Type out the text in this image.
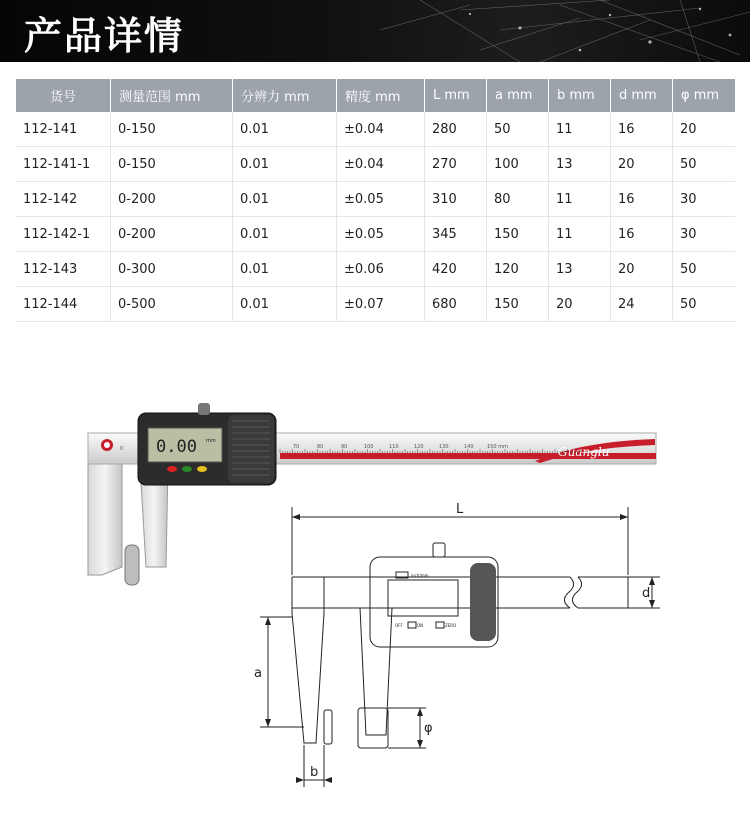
产品详情
货号	测量范围 mm	分辨力 mm	精度 mm	L mm	a mm	b mm	d mm	φ mm
112-141	0-150	0.01	±0.04	280	50	11	16	20
112-141-1	0-150	0.01	±0.04	270	100	13	20	50
112-142	0-200	0.01	±0.05	310	80	11	16	30
112-142-1	0-200	0.01	±0.05	345	150	11	16	30
112-143	0-300	0.01	±0.06	420	120	13	20	50
112-144	0-500	0.01	±0.07	680	150	20	24	50
Guanglu
0	70	80	90	100	110	120	130	140	150 mm
0.00 mm
L
d
a
b
φ
inch/mm
OFF	ON	ZERO
